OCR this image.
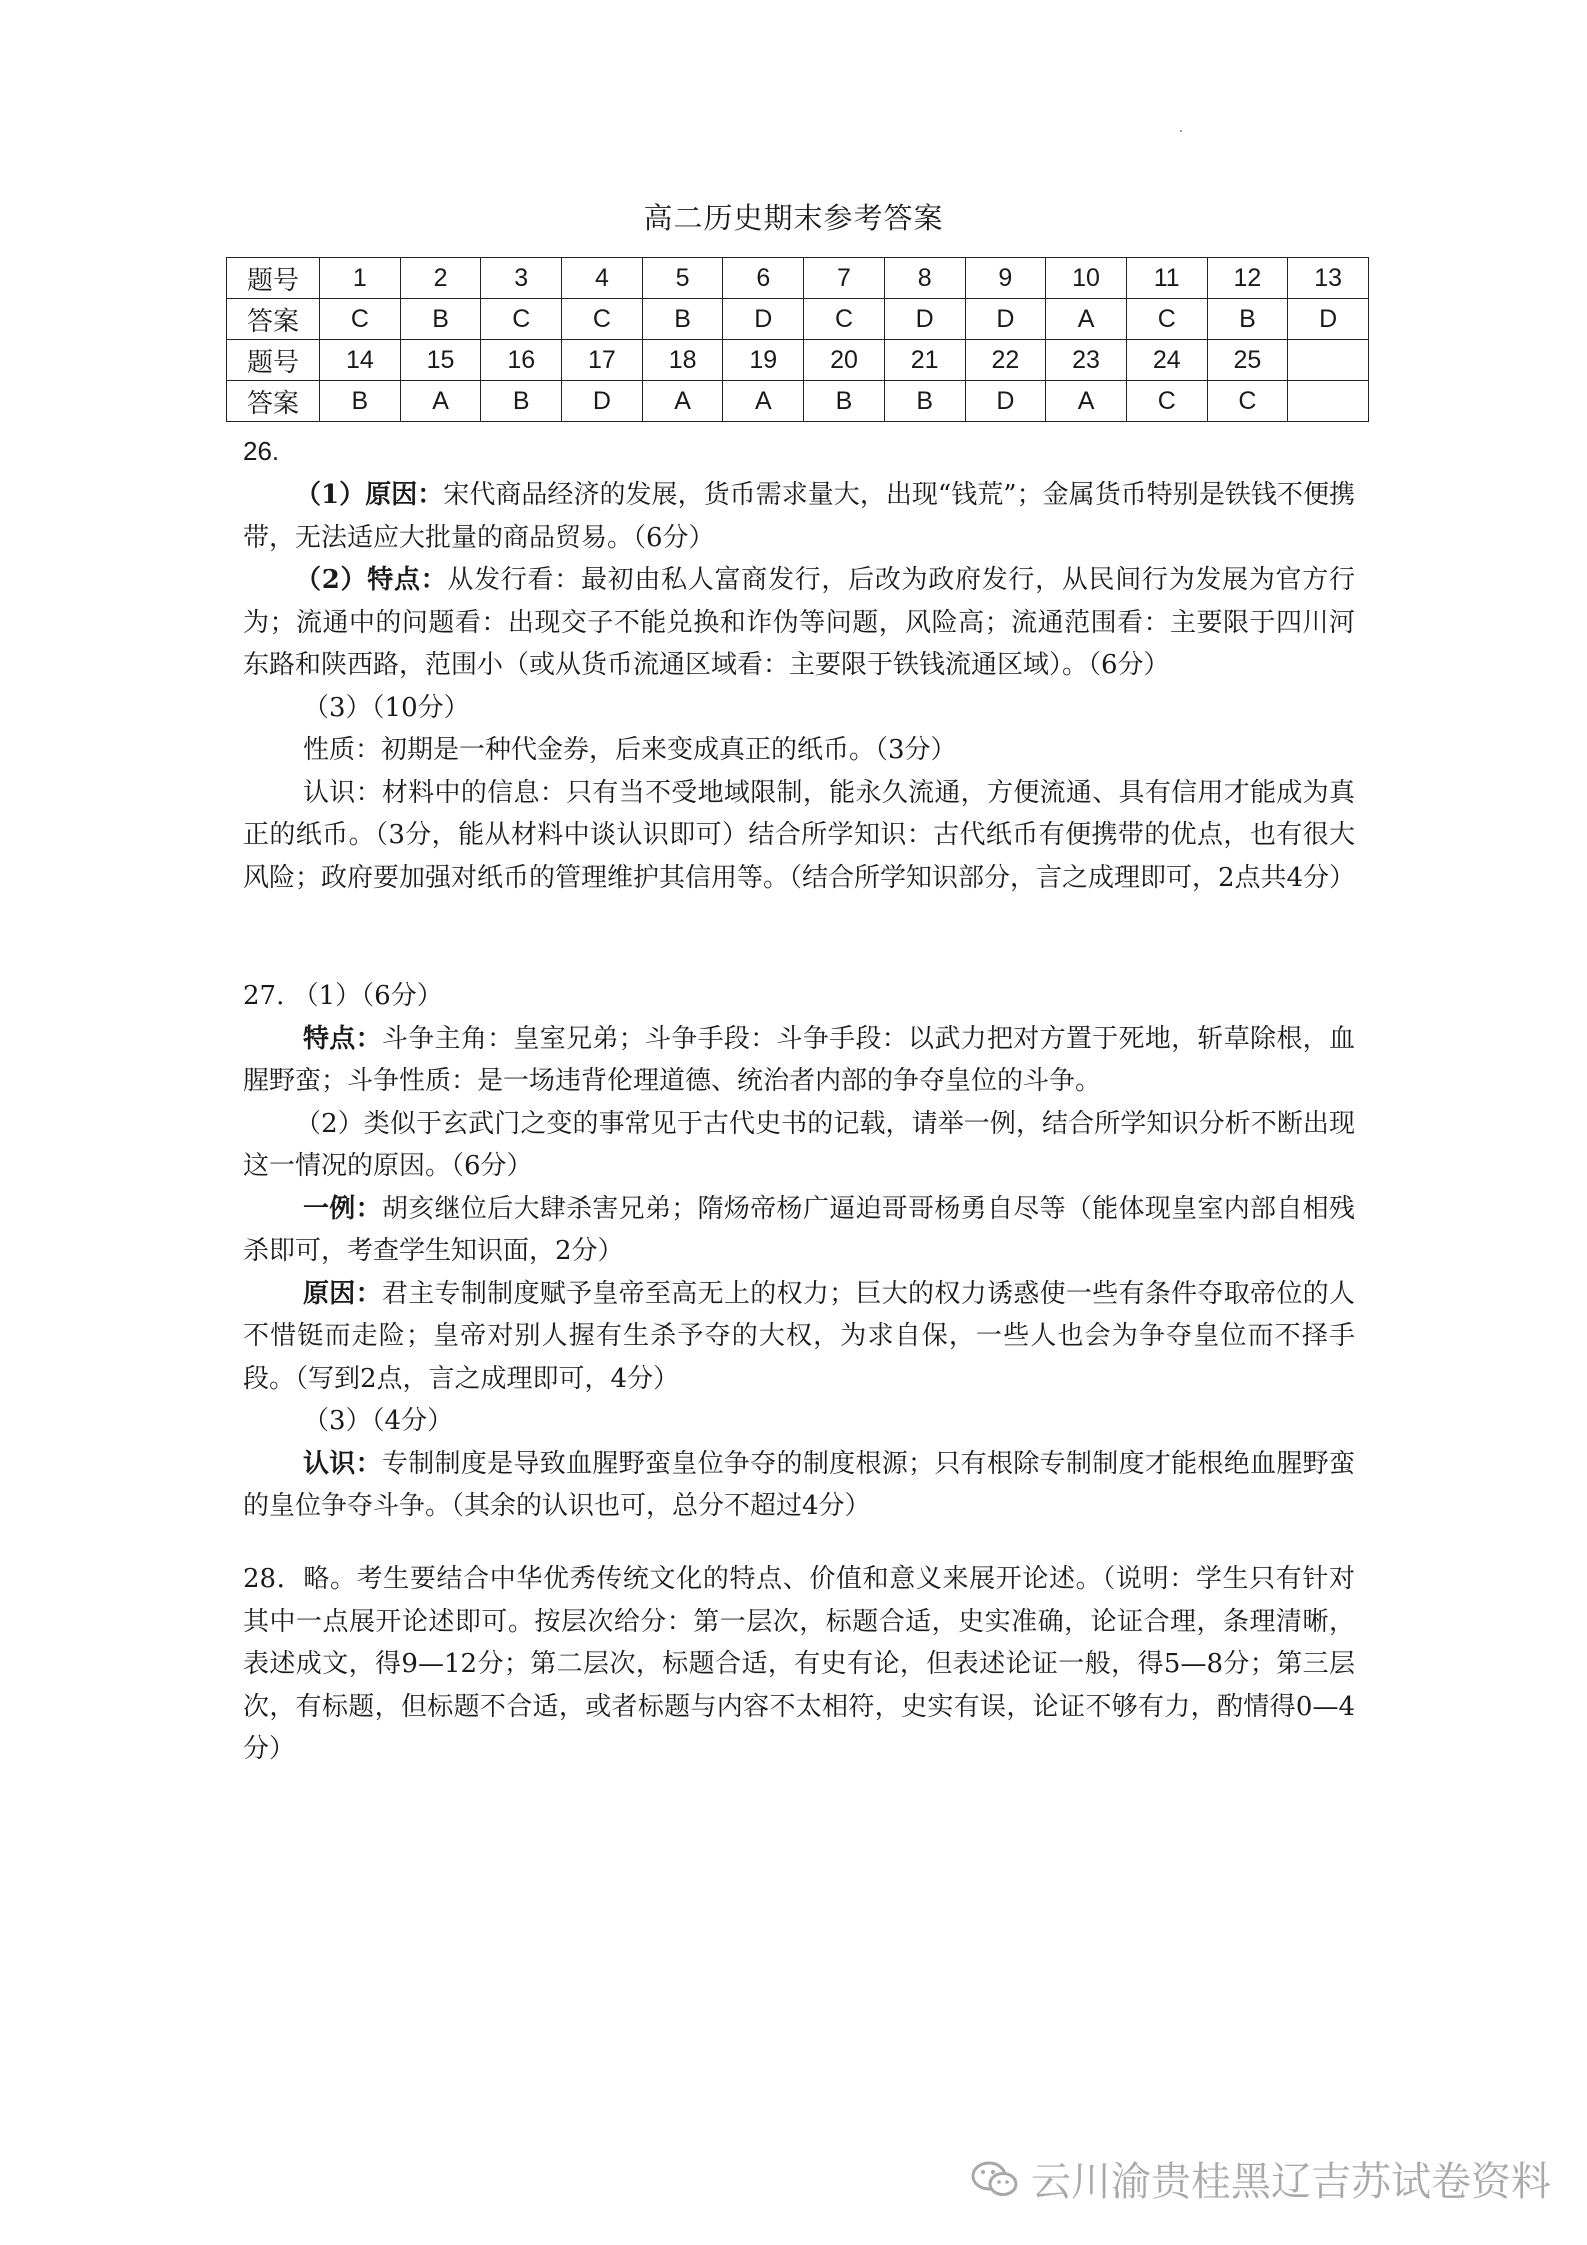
高二历史期末参考答案
题号	1	2	3	4	5	6	7	8	9	10	11	12	13
答案	C	B	C	C	B	D	C	D	D	A	C	B	D
题号	14	15	16	17	18	19	20	21	22	23	24	25	
答案	B	A	B	D	A	A	B	B	D	A	C	C	
26.

（1）原因：宋代商品经济的发展，货币需求量大，出现“钱荒”；金属货币特别是铁钱不便携带，无法适应大批量的商品贸易。（6分）

（2）特点：从发行看：最初由私人富商发行，后改为政府发行，从民间行为发展为官方行为；流通中的问题看：出现交子不能兑换和诈伪等问题，风险高；流通范围看：主要限于四川河东路和陕西路，范围小（或从货币流通区域看：主要限于铁钱流通区域）。（6分）

（3）（10分）

性质：初期是一种代金券，后来变成真正的纸币。（3分）

认识：材料中的信息：只有当不受地域限制，能永久流通，方便流通、具有信用才能成为真正的纸币。（3分，能从材料中谈认识即可）结合所学知识：古代纸币有便携带的优点，也有很大风险；政府要加强对纸币的管理维护其信用等。（结合所学知识部分，言之成理即可，2点共4分）

27. （1）（6分）

特点：斗争主角：皇室兄弟；斗争手段：斗争手段：以武力把对方置于死地，斩草除根，血腥野蛮；斗争性质：是一场违背伦理道德、统治者内部的争夺皇位的斗争。

（2）类似于玄武门之变的事常见于古代史书的记载，请举一例，结合所学知识分析不断出现这一情况的原因。（6分）

一例：胡亥继位后大肆杀害兄弟；隋炀帝杨广逼迫哥哥杨勇自尽等（能体现皇室内部自相残杀即可，考查学生知识面，2分）

原因：君主专制制度赋予皇帝至高无上的权力；巨大的权力诱惑使一些有条件夺取帝位的人不惜铤而走险；皇帝对别人握有生杀予夺的大权，为求自保，一些人也会为争夺皇位而不择手段。（写到2点，言之成理即可，4分）

（3）（4分）

认识：专制制度是导致血腥野蛮皇位争夺的制度根源；只有根除专制制度才能根绝血腥野蛮的皇位争夺斗争。（其余的认识也可，总分不超过4分）

28．略。考生要结合中华优秀传统文化的特点、价值和意义来展开论述。（说明：学生只有针对其中一点展开论述即可。按层次给分：第一层次，标题合适，史实准确，论证合理，条理清晰，表述成文，得9—12分；第二层次，标题合适，有史有论，但表述论证一般，得5—8分；第三层次，有标题，但标题不合适，或者标题与内容不太相符，史实有误，论证不够有力，酌情得0—4分）

云川渝贵桂黑辽吉苏试卷资料
